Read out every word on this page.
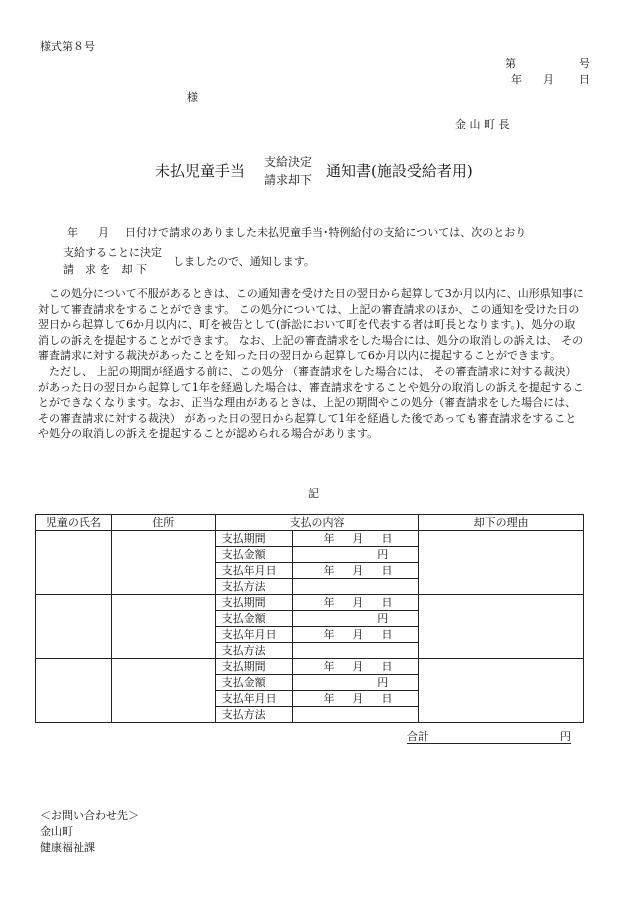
様式第８号
第	号
年 月 日
様
金 山 町 長
未払児童手当 支給決定
請求却下 通知書(施設受給者用)
年 月 日付けで請求のありました未払児童手当･特例給付の支給については、次のとおり
支給することに決定
請　求 を　却 下
しましたので、通知します。

この処分について不服があるときは、この通知書を受けた日の翌日から起算して3か月以内に、山形県知事に対して審査請求をすることができます。 この処分については、上記の審査請求のほか、この通知を受けた日の翌日から起算して6か月以内に、町を被告として(訴訟において町を代表する者は町長となります。)、処分の取消しの訴えを提起することができます。 なお、上記の審査請求をした場合には、処分の取消しの訴えは、 その審査請求に対する裁決があったことを知った日の翌日から起算して6か月以内に提起することができます。

ただし、 上記の期間が経過する前に、この処分 （審査請求をした場合には、 その審査請求に対する裁決） があった日の翌日から起算して1年を経過した場合は、審査請求をすることや処分の取消しの訴えを提起することができなくなります。なお、正当な理由があるときは、上記の期間やこの処分（審査請求をした場合には、 その審査請求に対する裁決） があった日の翌日から起算して1年を経過した後であっても審査請求をすることや処分の取消しの訴えを提起することが認められる場合があります。

記
児童の氏名	住所	支払の内容		却下の理由
		支払期間	年 月 日	
		支払金額	円	
		支払年月日	年 月 日	
		支払方法		
		支払期間	年 月 日	
		支払金額	円	
		支払年月日	年 月 日	
		支払方法		
		支払期間	年 月 日	
		支払金額	円	
		支払年月日	年 月 日	
		支払方法		
合計	円
＜お問い合わせ先＞
金山町
健康福祉課
